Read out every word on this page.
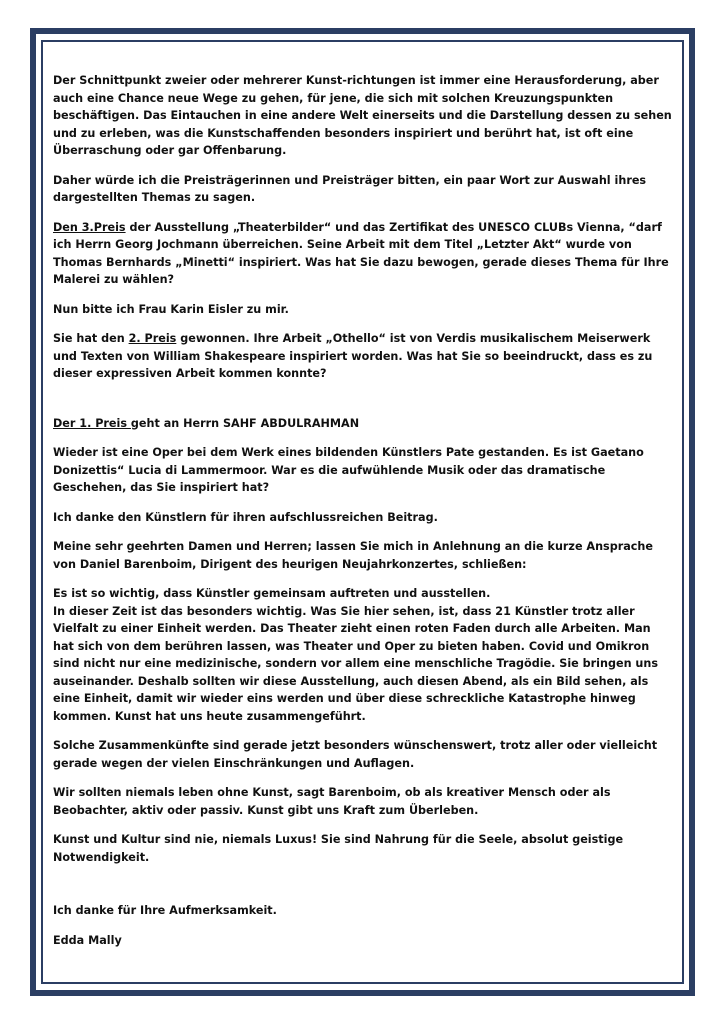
Der Schnittpunkt zweier oder mehrerer Kunst-richtungen ist immer eine Herausforderung, aber auch eine Chance neue Wege zu gehen, für jene, die sich mit solchen Kreuzungspunkten beschäftigen. Das Eintauchen in eine andere Welt einerseits und die Darstellung dessen zu sehen und zu erleben, was die Kunstschaffenden besonders inspiriert und berührt hat, ist oft eine Überraschung oder gar Offenbarung.

Daher würde ich die Preisträgerinnen und Preisträger bitten, ein paar Wort zur Auswahl ihres dargestellten Themas zu sagen.

Den 3.Preis der Ausstellung „Theaterbilder“ und das Zertifikat des UNESCO CLUBs Vienna, “darf ich Herrn Georg Jochmann überreichen. Seine Arbeit mit dem Titel „Letzter Akt“ wurde von Thomas Bernhards „Minetti“ inspiriert. Was hat Sie dazu bewogen, gerade dieses Thema für Ihre Malerei zu wählen?

Nun bitte ich Frau Karin Eisler zu mir.

Sie hat den 2. Preis gewonnen. Ihre Arbeit „Othello“ ist von Verdis musikalischem Meiserwerk und Texten von William Shakespeare inspiriert worden. Was hat Sie so beeindruckt, dass es zu dieser expressiven Arbeit kommen konnte?

Der 1. Preis geht an Herrn SAHF ABDULRAHMAN

Wieder ist eine Oper bei dem Werk eines bildenden Künstlers Pate gestanden. Es ist Gaetano Donizettis“ Lucia di Lammermoor. War es die aufwühlende Musik oder das dramatische Geschehen, das Sie inspiriert hat?

Ich danke den Künstlern für ihren aufschlussreichen Beitrag.

Meine sehr geehrten Damen und Herren; lassen Sie mich in Anlehnung an die kurze Ansprache von Daniel Barenboim, Dirigent des heurigen Neujahrkonzertes, schließen:

Es ist so wichtig, dass Künstler gemeinsam auftreten und ausstellen.
In dieser Zeit ist das besonders wichtig. Was Sie hier sehen, ist, dass 21 Künstler trotz aller Vielfalt zu einer Einheit werden. Das Theater zieht einen roten Faden durch alle Arbeiten. Man hat sich von dem berühren lassen, was Theater und Oper zu bieten haben. Covid und Omikron sind nicht nur eine medizinische, sondern vor allem eine menschliche Tragödie. Sie bringen uns auseinander. Deshalb sollten wir diese Ausstellung, auch diesen Abend, als ein Bild sehen, als eine Einheit, damit wir wieder eins werden und über diese schreckliche Katastrophe hinweg kommen. Kunst hat uns heute zusammengeführt.

Solche Zusammenkünfte sind gerade jetzt besonders wünschenswert, trotz aller oder vielleicht gerade wegen der vielen Einschränkungen und Auflagen.

Wir sollten niemals leben ohne Kunst, sagt Barenboim, ob als kreativer Mensch oder als Beobachter, aktiv oder passiv. Kunst gibt uns Kraft zum Überleben.

Kunst und Kultur sind nie, niemals Luxus! Sie sind Nahrung für die Seele, absolut geistige Notwendigkeit.

Ich danke für Ihre Aufmerksamkeit.

Edda Mally
